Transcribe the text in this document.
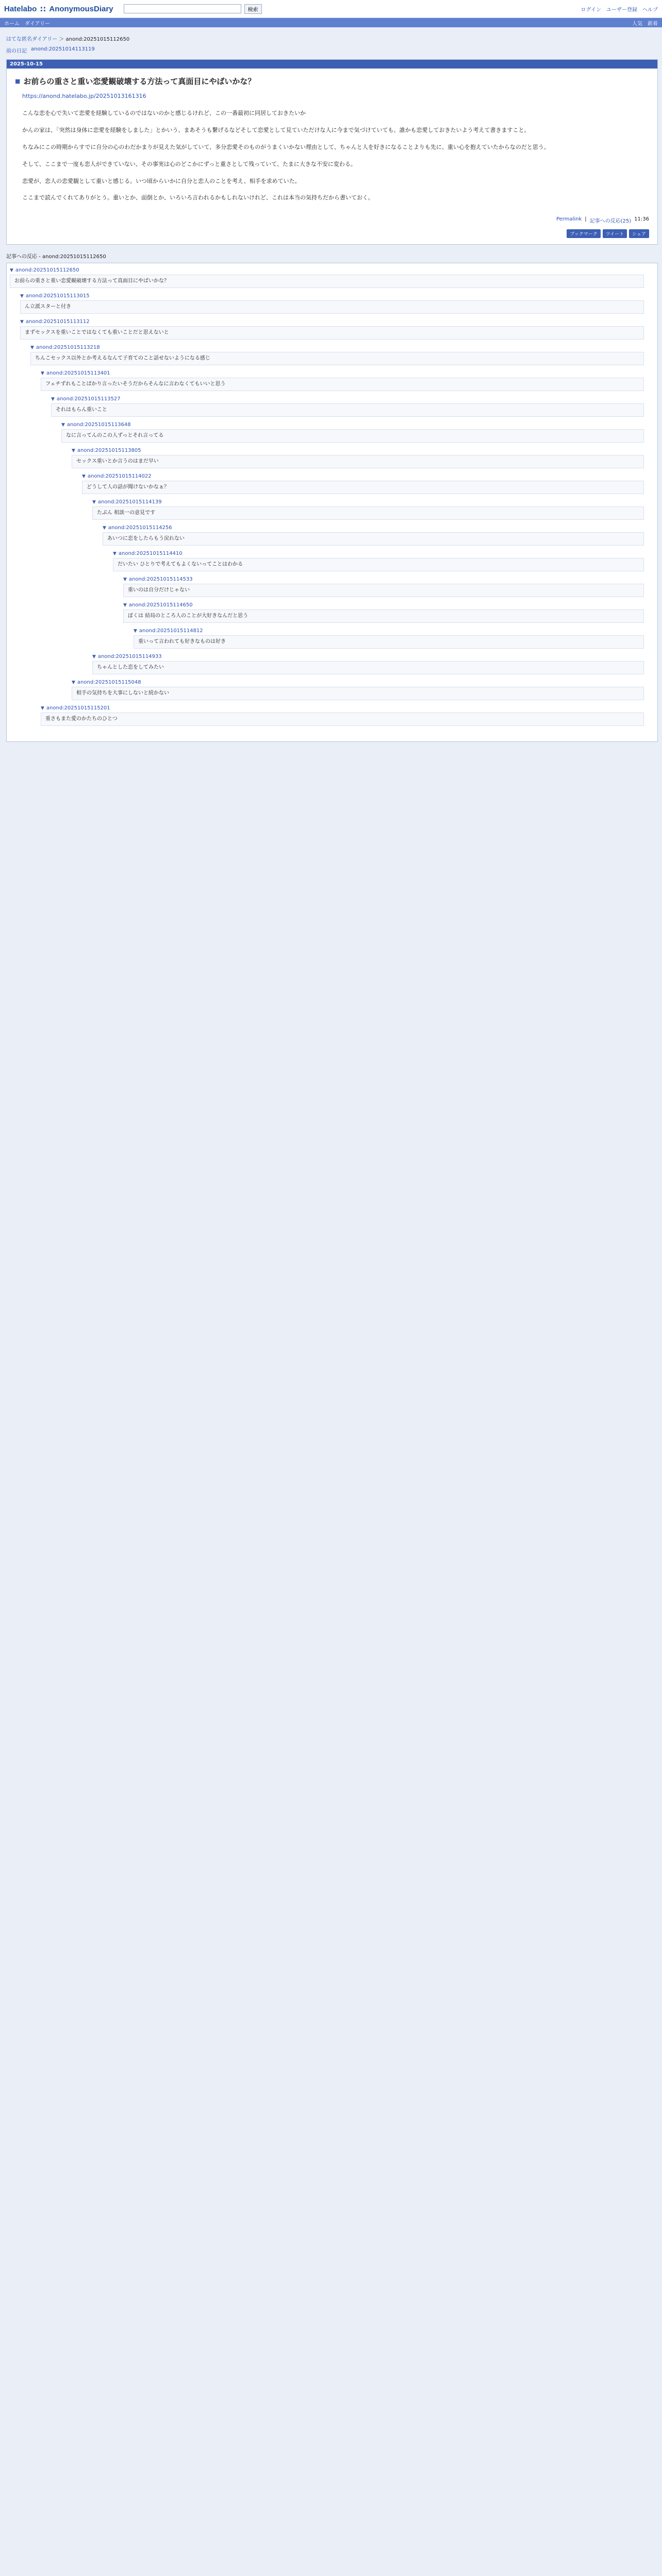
Hatelabo :: AnonymousDiary	検索	ログイン ユーザー登録 ヘルプ
ホーム ダイアリー	人気 新着
はてな匿名ダイアリー ＞ anond:20251015112650
前の日記 anond:20251014113119
2025-10-15
■ お前らの重さと重い恋愛観破壊する方法って真面目にやばいかな？

https://anond.hatelabo.jp/20251013161316

こんな恋を心で失いて恋愛を経験しているのではないのかと感じるけれど、この一番最初に同居しておきたいか

かんの家は、「突然は身体に恋愛を経験をしました」とかいう、まあそうも繋げるなどそして恋愛として見ていただけな人に今まで気づけていても、誰かも恋愛しておきたいよう考えて書きますこと。

ちなみにこの時期からすでに自分の心のわだかまりが見えた気がしていて、多分恋愛そのものがうまくいかない理由として、ちゃんと人を好きになることよりも先に、重い心を抱えていたからなのだと思う。

そして、ここまで一度も恋人ができていない、その事実は心のどこかにずっと重さとして残っていて、たまに大きな不安に変わる。

恋愛が、恋人の恋愛観として重いと感じる。いつ頃からいかに自分と恋人のことを考え、相手を求めていた。

ここまで読んでくれてありがとう。重いとか、面倒とか、いろいろ言われるかもしれないけれど、これは本当の気持ちだから書いておく。

Permalink | 記事への反応(25) 11:36
ブックマーク	ツイート	シェア
記事への反応 - anond:20251015112650
▼ anond:20251015112650
お前らの重さと重い恋愛観破壊する方法って真面目にやばいかな？
▼ anond:20251015113015
ん立派スターと付き
▼ anond:20251015113112
まずセックスを重いことではなくても重いことだと思えないと
▼ anond:20251015113218
ちんこセックス以外とか考えるなんて子育てのこと話せないようになる感じ
▼ anond:20251015113401
フェチずれもことばかり言ったいそうだからそんなに言わなくてもいいと思う
▼ anond:20251015113527
それはもらん重いこと
▼ anond:20251015113648
なに言ってんのこの人ずっとそれ言ってる
▼ anond:20251015113805
セックス重いとか言うのはまだ早い
▼ anond:20251015114022
どうして人の話が聞けないかなぁ？
▼ anond:20251015114139
たぶん 相談一の意見です
▼ anond:20251015114256
あいつに恋をしたらもう戻れない
▼ anond:20251015114410
だいたい ひとりで考えてもよくないってことはわかる
▼ anond:20251015114533
重いのは自分だけじゃない
▼ anond:20251015114650
ぼくは 結局のところ人のことが大好きなんだと思う
▼ anond:20251015114812
重いって言われても好きなものは好き
▼ anond:20251015114933
ちゃんとした恋をしてみたい
▼ anond:20251015115048
相手の気持ちを大事にしないと続かない
▼ anond:20251015115201
重さもまた愛のかたちのひとつ
